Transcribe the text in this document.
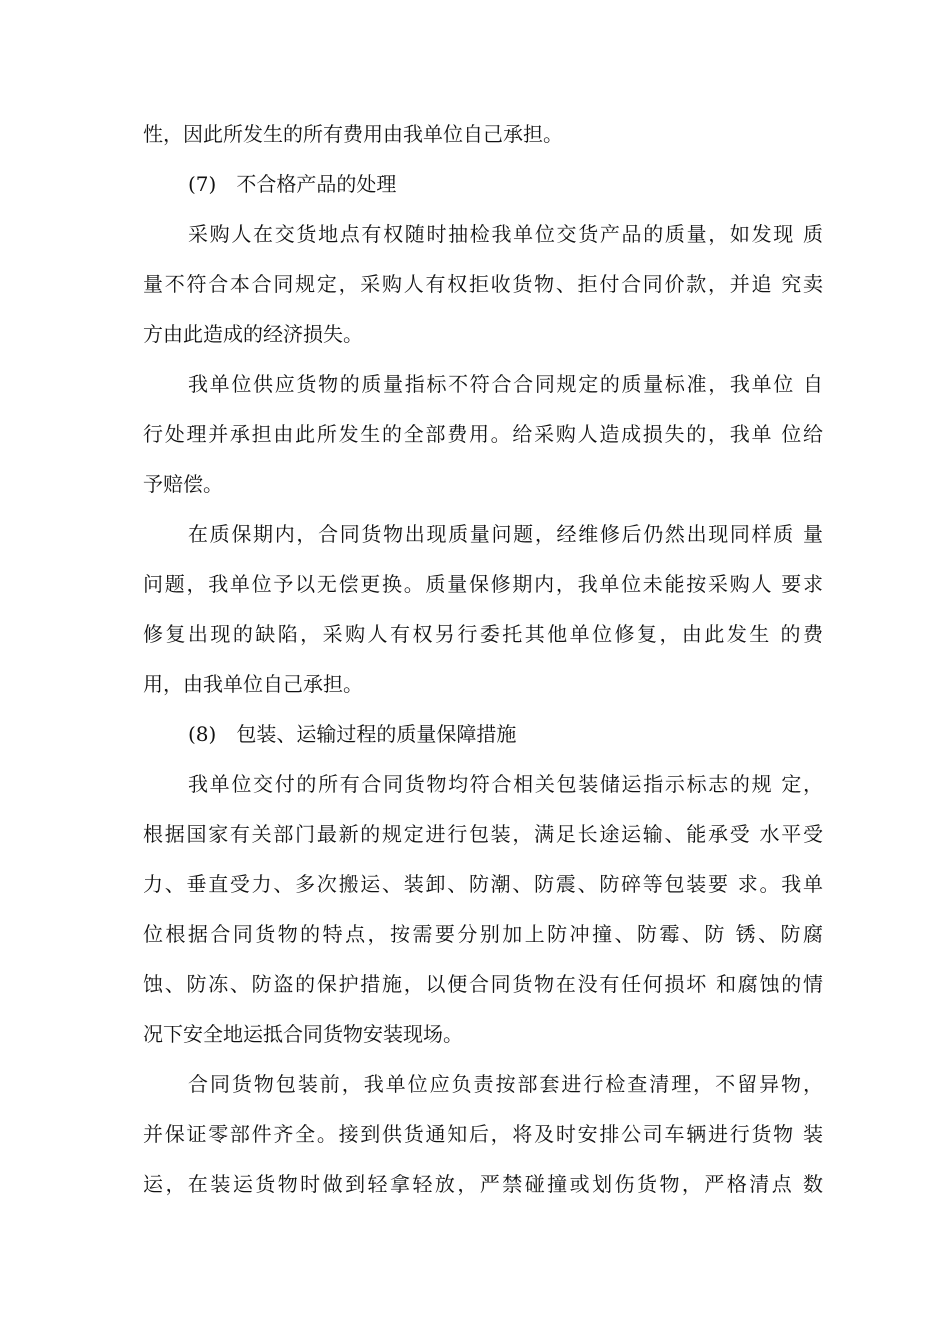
性，因此所发生的所有费用由我单位自己承担。
(7)　不合格产品的处理
采购人在交货地点有权随时抽检我单位交货产品的质量，如发现 质
量不符合本合同规定，采购人有权拒收货物、拒付合同价款，并追 究卖
方由此造成的经济损失。
我单位供应货物的质量指标不符合合同规定的质量标准，我单位 自
行处理并承担由此所发生的全部费用。给采购人造成损失的，我单 位给
予赔偿。
在质保期内，合同货物出现质量问题，经维修后仍然出现同样质 量
问题，我单位予以无偿更换。质量保修期内，我单位未能按采购人 要求
修复出现的缺陷，采购人有权另行委托其他单位修复，由此发生 的费
用，由我单位自己承担。
(8)　包装、运输过程的质量保障措施
我单位交付的所有合同货物均符合相关包装储运指示标志的规 定，
根据国家有关部门最新的规定进行包装，满足长途运输、能承受 水平受
力、垂直受力、多次搬运、装卸、防潮、防震、防碎等包装要 求。我单
位根据合同货物的特点，按需要分别加上防冲撞、防霉、防 锈、防腐
蚀、防冻、防盗的保护措施，以便合同货物在没有任何损坏 和腐蚀的情
况下安全地运抵合同货物安装现场。
合同货物包装前，我单位应负责按部套进行检查清理，不留异物，
并保证零部件齐全。接到供货通知后，将及时安排公司车辆进行货物 装
运，在装运货物时做到轻拿轻放，严禁碰撞或划伤货物，严格清点 数
